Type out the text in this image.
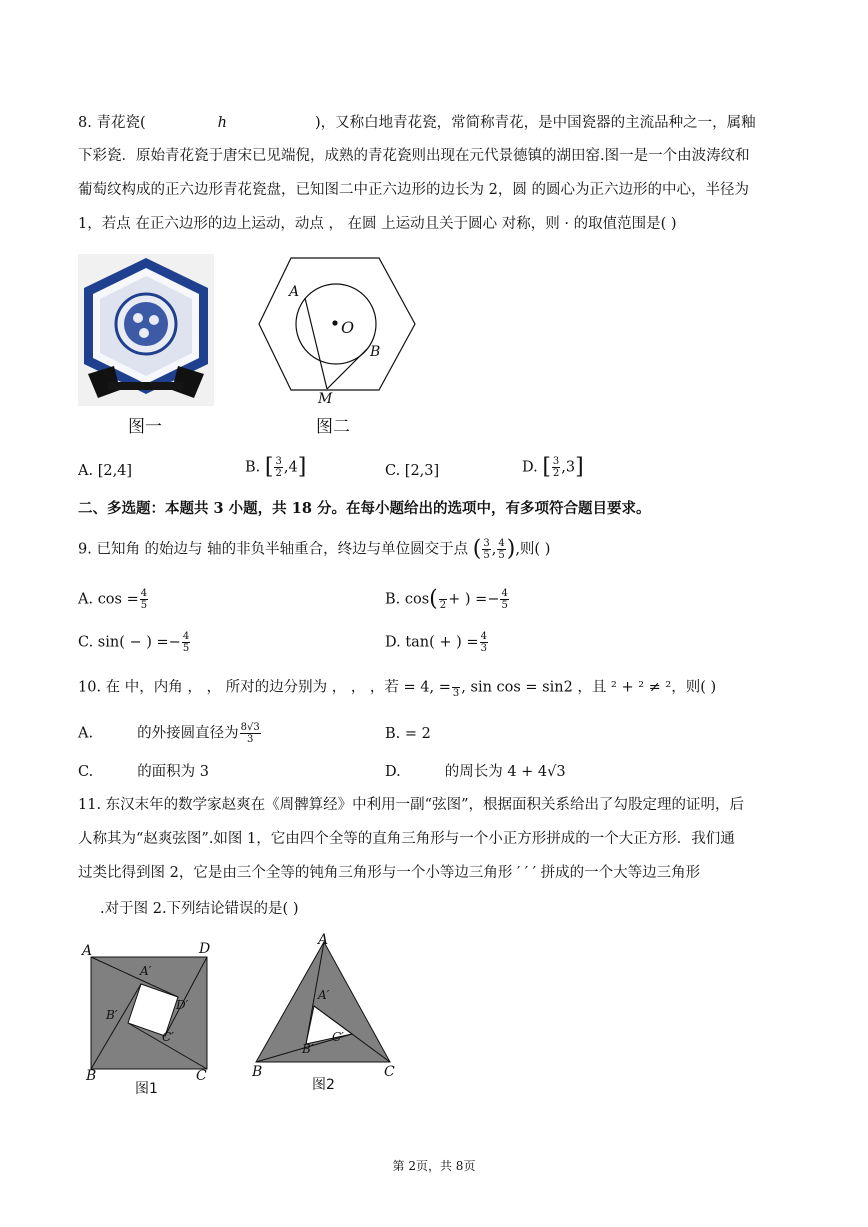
8. 青花瓷(	h	)，又称白地青花瓷，常简称青花，是中国瓷器的主流品种之一，属釉
下彩瓷．原始青花瓷于唐宋已见端倪，成熟的青花瓷则出现在元代景德镇的湖田窑.图一是一个由波涛纹和
葡萄纹构成的正六边形青花瓷盘，已知图二中正六边形的边长为 2，圆 的圆心为正六边形的中心，半径为
1，若点 在正六边形的边上运动，动点 ， 在圆 上运动且关于圆心 对称，则 · 的取值范围是( )
图一
A
O
B
M
图二
A. [2,4]	B. [ $\frac{3}{2} ,4$]	C. [2,3]	D. [ $\frac{3}{2} ,3$]
二、多选题：本题共 3 小题，共 18 分。在每小题给出的选项中，有多项符合题目要求。
9. 已知角 的始边与 轴的非负半轴重合，终边与单位圆交于点 ( $\frac{3}{5}$ , $\frac{4}{5}$ ),则( )
A. $\cos = \frac{4}{5}$	B. cos(
2 + ) =− $\frac{4}{5}$
C. sin( − ) =− $\frac{4}{5}$	D. tan( + ) = $\frac{4}{3}$
10. 在 中，内角 ， ， 所对的边分别为 ， ， ，若 = 4, =
3 , sin cos = sin2 ，且 ² + ² ≠ ²，则( )
A.	的外接圆直径为 $\frac{8√3}{3}$	B. = 2
C.	的面积为 3	D.	的周长为 4 + 4√3
11. 东汉末年的数学家赵爽在《周髀算经》中利用一副“弦图”，根据面积关系给出了勾股定理的证明，后
人称其为“赵爽弦图”.如图 1，它由四个全等的直角三角形与一个小正方形拼成的一个大正方形．我们通
过类比得到图 2，它是由三个全等的钝角三角形与一个小等边三角形 ′ ′ ′ 拼成的一个大等边三角形
.对于图 2.下列结论错误的是( )
A	D
B	C
A′
D′
B′
C′
图1
A
B	C
A′
B′
C′
图2
第 2页，共 8页
